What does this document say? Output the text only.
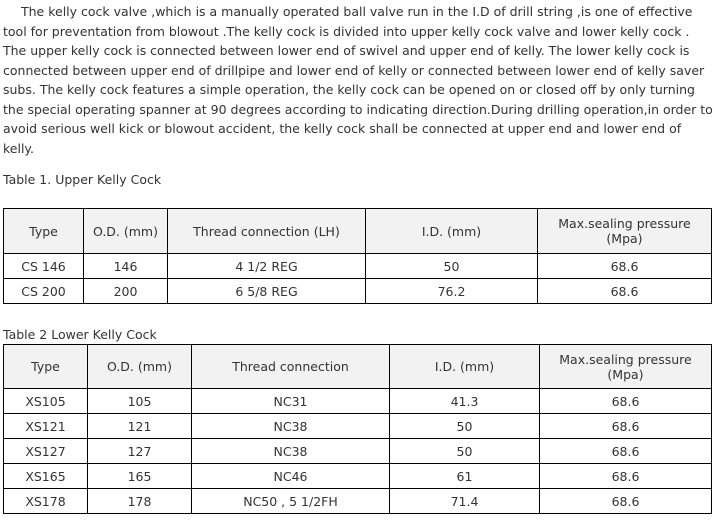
The kelly cock valve ,which is a manually operated ball valve run in the I.D of drill string ,is one of effective tool for preventation from blowout .The kelly cock is divided into upper kelly cock valve and lower kelly cock . The upper kelly cock is connected between lower end of swivel and upper end of kelly. The lower kelly cock is connected between upper end of drillpipe and lower end of kelly or connected between lower end of kelly saver subs. The kelly cock features a simple operation, the kelly cock can be opened on or closed off by only turning the special operating spanner at 90 degrees according to indicating direction.During drilling operation,in order to avoid serious well kick or blowout accident, the kelly cock shall be connected at upper end and lower end of kelly.

Table 1. Upper Kelly Cock

Type	O.D. (mm)	Thread connection (LH)	I.D. (mm)	Max.sealing pressure
(Mpa)

CS 146	146	4 1/2 REG	50	68.6
CS 200	200	6 5/8 REG	76.2	68.6

Table 2 Lower Kelly Cock

Type	O.D. (mm)	Thread connection	I.D. (mm)	Max.sealing pressure
(Mpa)

XS105	105	NC31	41.3	68.6
XS121	121	NC38	50	68.6
XS127	127	NC38	50	68.6
XS165	165	NC46	61	68.6
XS178	178	NC50 , 5 1/2FH	71.4	68.6
